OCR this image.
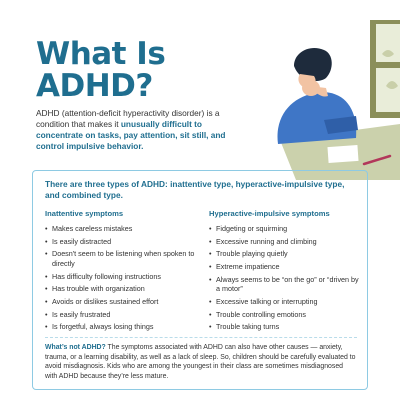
What Is
ADHD?

ADHD (attention-deficit hyperactivity disorder) is a condition that makes it unusually difficult to concentrate on tasks, pay attention, sit still, and control impulsive behavior.

There are three types of ADHD: inattentive type, hyperactive-impulsive type, and combined type.

Inattentive symptoms
• Makes careless mistakes
• Is easily distracted
• Doesn't seem to be listening when spoken to directly
• Has difficulty following instructions
• Has trouble with organization
• Avoids or dislikes sustained effort
• Is easily frustrated
• Is forgetful, always losing things
Hyperactive-impulsive symptoms
• Fidgeting or squirming
• Excessive running and climbing
• Trouble playing quietly
• Extreme impatience
• Always seems to be “on the go” or “driven by a motor”
• Excessive talking or interrupting
• Trouble controlling emotions
• Trouble taking turns

What’s not ADHD? The symptoms associated with ADHD can also have other causes — anxiety, trauma, or a learning disability, as well as a lack of sleep. So, children should be carefully evaluated to avoid misdiagnosis. Kids who are among the youngest in their class are sometimes misdiagnosed with ADHD because they’re less mature.
